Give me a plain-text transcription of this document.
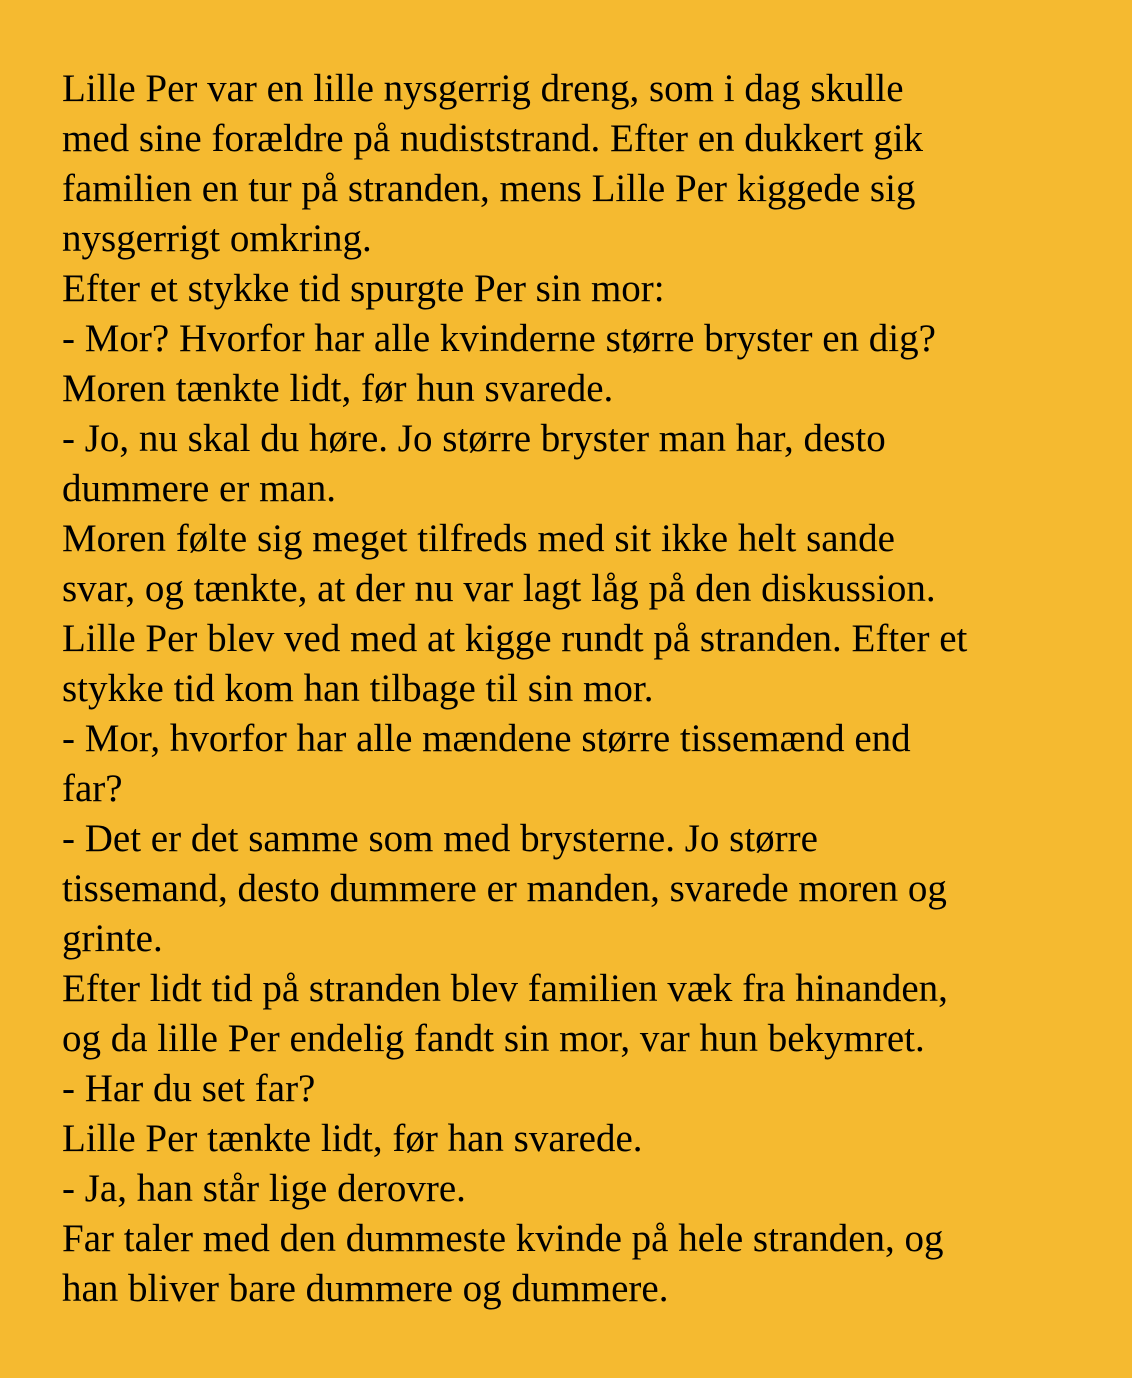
Lille Per var en lille nysgerrig dreng, som i dag skulle
med sine forældre på nudiststrand. Efter en dukkert gik
familien en tur på stranden, mens Lille Per kiggede sig
nysgerrigt omkring.
Efter et stykke tid spurgte Per sin mor:
- Mor? Hvorfor har alle kvinderne større bryster en dig?
Moren tænkte lidt, før hun svarede.
- Jo, nu skal du høre. Jo større bryster man har, desto
dummere er man.
Moren følte sig meget tilfreds med sit ikke helt sande
svar, og tænkte, at der nu var lagt låg på den diskussion.
Lille Per blev ved med at kigge rundt på stranden. Efter et
stykke tid kom han tilbage til sin mor.
- Mor, hvorfor har alle mændene større tissemænd end
far?
- Det er det samme som med brysterne. Jo større
tissemand, desto dummere er manden, svarede moren og
grinte.
Efter lidt tid på stranden blev familien væk fra hinanden,
og da lille Per endelig fandt sin mor, var hun bekymret.
- Har du set far?
Lille Per tænkte lidt, før han svarede.
- Ja, han står lige derovre.
Far taler med den dummeste kvinde på hele stranden, og
han bliver bare dummere og dummere.
